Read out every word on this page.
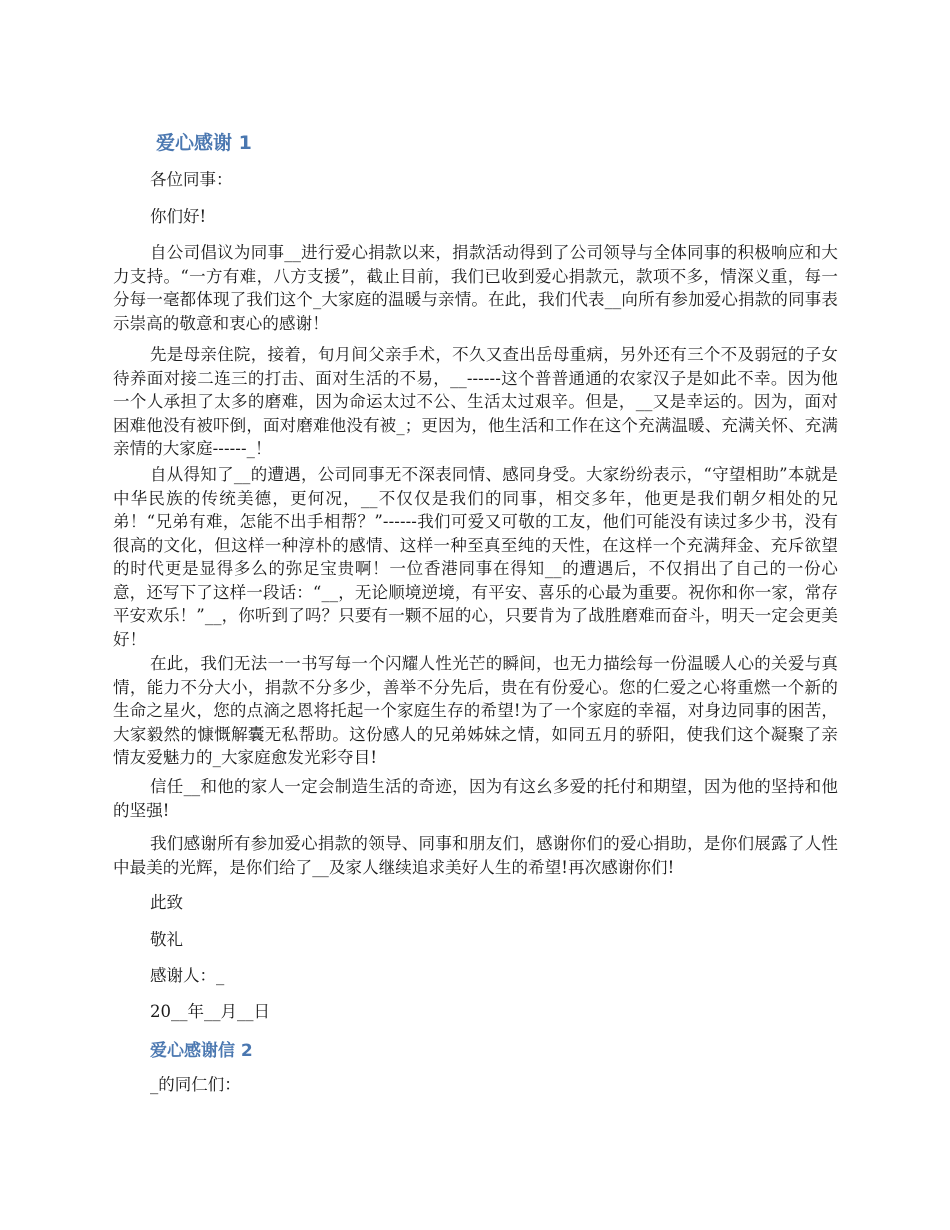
爱心感谢 1
各位同事：
你们好!
自公司倡议为同事__进行爱心捐款以来，捐款活动得到了公司领导与全体同事的积极响应和大力支持。“一方有难，八方支援”，截止目前，我们已收到爱心捐款元，款项不多，情深义重，每一分每一毫都体现了我们这个_大家庭的温暖与亲情。在此，我们代表__向所有参加爱心捐款的同事表示崇高的敬意和衷心的感谢！
先是母亲住院，接着，旬月间父亲手术，不久又查出岳母重病，另外还有三个不及弱冠的子女待养面对接二连三的打击、面对生活的不易，__------这个普普通通的农家汉子是如此不幸。因为他一个人承担了太多的磨难，因为命运太过不公、生活太过艰辛。但是，__又是幸运的。因为，面对困难他没有被吓倒，面对磨难他没有被_；更因为，他生活和工作在这个充满温暖、充满关怀、充满亲情的大家庭------_！
自从得知了__的遭遇，公司同事无不深表同情、感同身受。大家纷纷表示，“守望相助”本就是中华民族的传统美德，更何况，__不仅仅是我们的同事，相交多年，他更是我们朝夕相处的兄弟！“兄弟有难，怎能不出手相帮？”------我们可爱又可敬的工友，他们可能没有读过多少书，没有很高的文化，但这样一种淳朴的感情、这样一种至真至纯的天性，在这样一个充满拜金、充斥欲望的时代更是显得多么的弥足宝贵啊！一位香港同事在得知__的遭遇后，不仅捐出了自己的一份心意，还写下了这样一段话：“__，无论顺境逆境，有平安、喜乐的心最为重要。祝你和你一家，常存平安欢乐！”__，你听到了吗？只要有一颗不屈的心，只要肯为了战胜磨难而奋斗，明天一定会更美好！
在此，我们无法一一书写每一个闪耀人性光芒的瞬间，也无力描绘每一份温暖人心的关爱与真情，能力不分大小，捐款不分多少，善举不分先后，贵在有份爱心。您的仁爱之心将重燃一个新的生命之星火，您的点滴之恩将托起一个家庭生存的希望!为了一个家庭的幸福，对身边同事的困苦，大家毅然的慷慨解囊无私帮助。这份感人的兄弟姊妹之情，如同五月的骄阳，使我们这个凝聚了亲情友爱魅力的_大家庭愈发光彩夺目!
信任__和他的家人一定会制造生活的奇迹，因为有这幺多爱的托付和期望，因为他的坚持和他的坚强!
我们感谢所有参加爱心捐款的领导、同事和朋友们，感谢你们的爱心捐助，是你们展露了人性中最美的光辉，是你们给了__及家人继续追求美好人生的希望!再次感谢你们!
此致
敬礼
感谢人：_
20__年__月__日
爱心感谢信 2
_的同仁们：
